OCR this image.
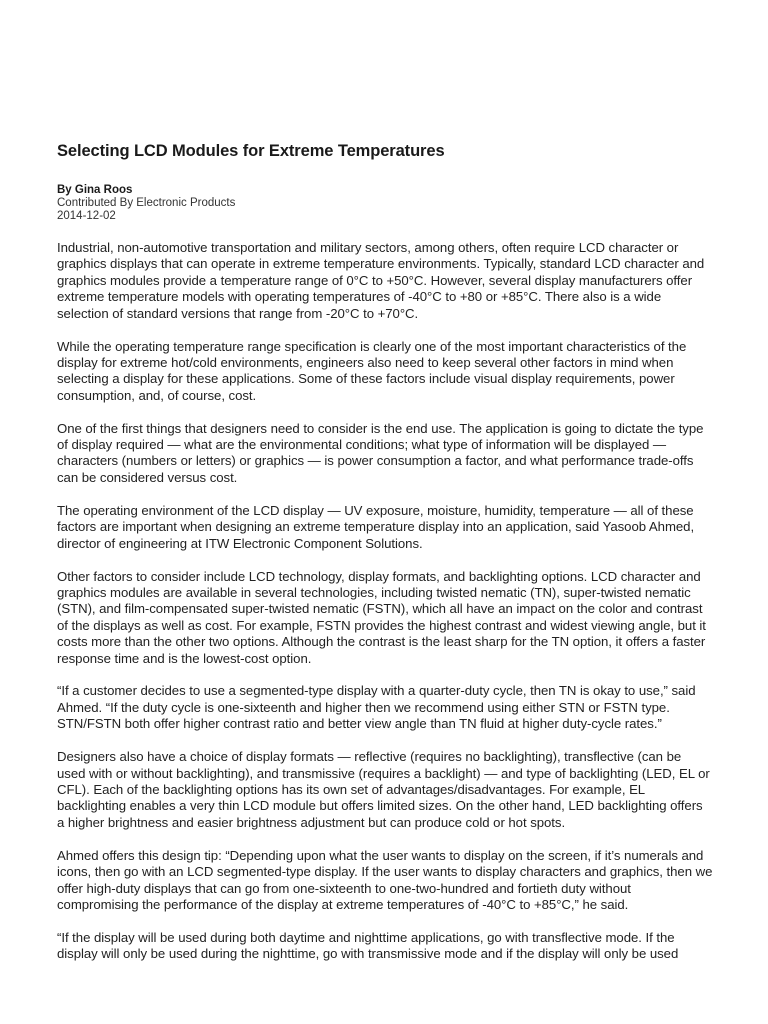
Selecting LCD Modules for Extreme Temperatures
By Gina Roos
Contributed By Electronic Products
2014-12-02

Industrial, non-automotive transportation and military sectors, among others, often require LCD character or graphics displays that can operate in extreme temperature environments. Typically, standard LCD character and graphics modules provide a temperature range of 0°C to +50°C. However, several display manufacturers offer extreme temperature models with operating temperatures of -40°C to +80 or +85°C. There also is a wide selection of standard versions that range from -20°C to +70°C.

While the operating temperature range specification is clearly one of the most important characteristics of the display for extreme hot/cold environments, engineers also need to keep several other factors in mind when selecting a display for these applications. Some of these factors include visual display requirements, power consumption, and, of course, cost.

One of the first things that designers need to consider is the end use. The application is going to dictate the type of display required — what are the environmental conditions; what type of information will be displayed — characters (numbers or letters) or graphics — is power consumption a factor, and what performance trade-offs can be considered versus cost.

The operating environment of the LCD display — UV exposure, moisture, humidity, temperature — all of these factors are important when designing an extreme temperature display into an application, said Yasoob Ahmed, director of engineering at ITW Electronic Component Solutions.

Other factors to consider include LCD technology, display formats, and backlighting options. LCD character and graphics modules are available in several technologies, including twisted nematic (TN), super-twisted nematic (STN), and film-compensated super-twisted nematic (FSTN), which all have an impact on the color and contrast of the displays as well as cost. For example, FSTN provides the highest contrast and widest viewing angle, but it costs more than the other two options. Although the contrast is the least sharp for the TN option, it offers a faster response time and is the lowest-cost option.

“If a customer decides to use a segmented-type display with a quarter-duty cycle, then TN is okay to use,” said Ahmed. “If the duty cycle is one-sixteenth and higher then we recommend using either STN or FSTN type. STN/FSTN both offer higher contrast ratio and better view angle than TN fluid at higher duty-cycle rates.”

Designers also have a choice of display formats — reflective (requires no backlighting), transflective (can be used with or without backlighting), and transmissive (requires a backlight) — and type of backlighting (LED, EL or CFL). Each of the backlighting options has its own set of advantages/disadvantages. For example, EL backlighting enables a very thin LCD module but offers limited sizes. On the other hand, LED backlighting offers a higher brightness and easier brightness adjustment but can produce cold or hot spots.

Ahmed offers this design tip: “Depending upon what the user wants to display on the screen, if it’s numerals and icons, then go with an LCD segmented-type display. If the user wants to display characters and graphics, then we offer high-duty displays that can go from one-sixteenth to one-two-hundred and fortieth duty without compromising the performance of the display at extreme temperatures of -40°C to +85°C,” he said.

“If the display will be used during both daytime and nighttime applications, go with transflective mode. If the display will only be used during the nighttime, go with transmissive mode and if the display will only be used
